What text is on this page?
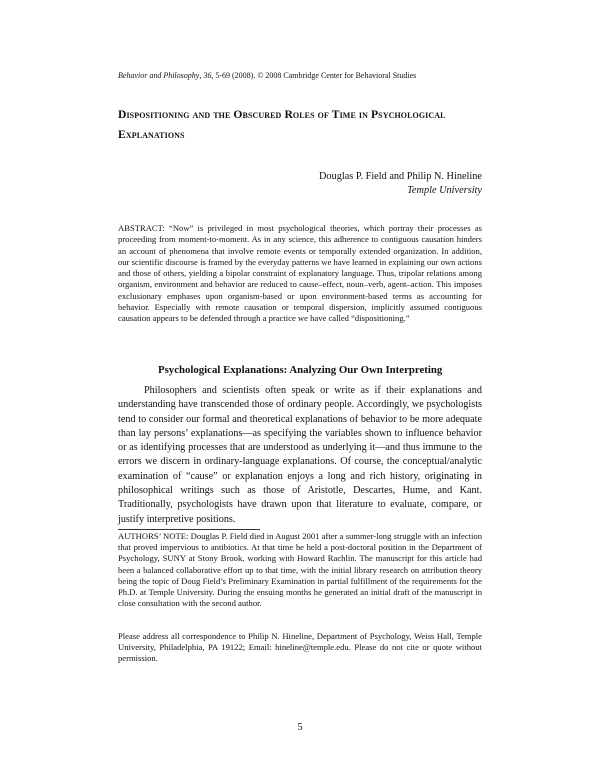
Behavior and Philosophy, 36, 5-69 (2008). © 2008 Cambridge Center for Behavioral Studies
Dispositioning and the Obscured Roles of Time in Psychological Explanations
Douglas P. Field and Philip N. Hineline
Temple University
ABSTRACT: “Now” is privileged in most psychological theories, which portray their processes as proceeding from moment-to-moment. As in any science, this adherence to contiguous causation hinders an account of phenomena that involve remote events or temporally extended organization. In addition, our scientific discourse is framed by the everyday patterns we have learned in explaining our own actions and those of others, yielding a bipolar constraint of explanatory language. Thus, tripolar relations among organism, environment and behavior are reduced to cause–effect, noun–verb, agent–action. This imposes exclusionary emphases upon organism-based or upon environment-based terms as accounting for behavior. Especially with remote causation or temporal dispersion, implicitly assumed contiguous causation appears to be defended through a practice we have called “dispositioning.”
Psychological Explanations: Analyzing Our Own Interpreting

Philosophers and scientists often speak or write as if their explanations and understanding have transcended those of ordinary people. Accordingly, we psychologists tend to consider our formal and theoretical explanations of behavior to be more adequate than lay persons’ explanations—as specifying the variables shown to influence behavior or as identifying processes that are understood as underlying it—and thus immune to the errors we discern in ordinary-language explanations. Of course, the conceptual/analytic examination of “cause” or explanation enjoys a long and rich history, originating in philosophical writings such as those of Aristotle, Descartes, Hume, and Kant. Traditionally, psychologists have drawn upon that literature to evaluate, compare, or justify interpretive positions.

AUTHORS’ NOTE: Douglas P. Field died in August 2001 after a summer-long struggle with an infection that proved impervious to antibiotics. At that time he held a post-doctoral position in the Department of Psychology, SUNY at Stony Brook, working with Howard Rachlin. The manuscript for this article had been a balanced collaborative effort up to that time, with the initial library research on attribution theory being the topic of Doug Field’s Preliminary Examination in partial fulfillment of the requirements for the Ph.D. at Temple University. During the ensuing months he generated an initial draft of the manuscript in close consultation with the second author.

Please address all correspondence to Philip N. Hineline, Department of Psychology, Weiss Hall, Temple University, Philadelphia, PA 19122; Email: hineline@temple.edu. Please do not cite or quote without permission.

5
